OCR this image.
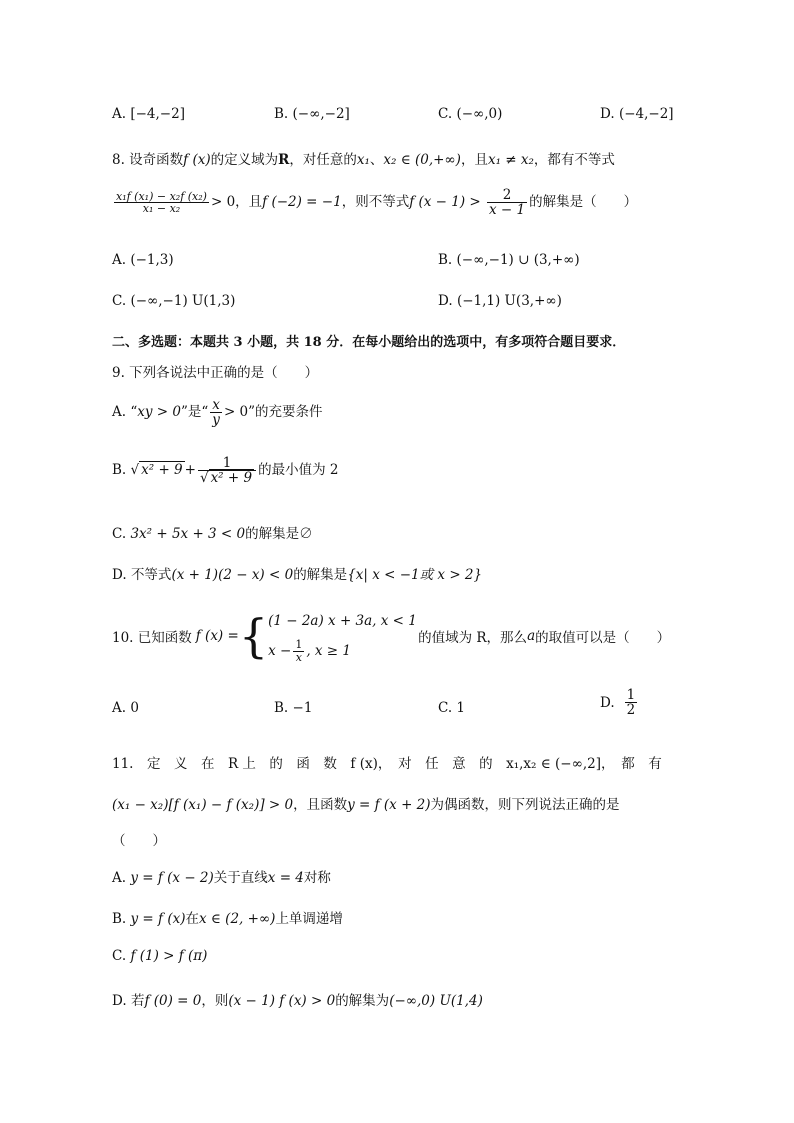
A. [−4,−2]	B. (−∞,−2]	C. (−∞,0)	D. (−4,−2]
8. 设奇函数f (x)的定义域为R，对任意的x₁、x₂ ∈ (0,+∞)，且x₁ ≠ x₂，都有不等式
$\frac{\text{x₁f (x₁) − x₂f (x₂)}}{\text{x₁ − x₂}} > 0$，且f (−2) = −1，则不等式f $(x - 1) > \frac{2}{x - 1}$ 的解集是（　　）
A. (−1,3)	B. (−∞,−1) ∪ (3,+∞)
C. (−∞,−1) U(1,3)	D. (−1,1) U(3,+∞)
二、多选题：本题共 3 小题，共 18 分．在每小题给出的选项中，有多项符合题目要求．
9. 下列各说法中正确的是（　　）
A. “xy > 0”是“ $\frac{x}{y} > 0$”的充要条件
B. √ $x^2 + 9 + \frac{1}{\text{√ x² + 9}}$ 的最小值为 2
C. 3x² + 5x + 3 < 0的解集是∅
D. 不等式(x + 1)(2 − x) < 0的解集是{x| x < −1或 x > 2}
10. 已知函数 f (x) = { (1 − 2a) x + 3a, x < 1
$x - \frac{1}{x}$ , x ≥ 1
的值域为 R，那么 a 的取值可以是（　　）
A. 0	B. −1	C. 1	D. $\frac{1}{2}$
11.　定　义　在　R 上　的　函　数　f (x)，　对　任　意　的　x₁,x₂ ∈ (−∞,2]，　都　有
(x₁ − x₂)[f (x₁) − f (x₂)] > 0，且函数y = f (x + 2)为偶函数，则下列说法正确的是
（　　）
A. y = f (x − 2)关于直线x = 4对称
B. y = f (x)在x ∈ (2, +∞)上单调递增
C. f (1) > f (π)
D. 若f (0) = 0，则(x − 1) f (x) > 0的解集为(−∞,0) U(1,4)
